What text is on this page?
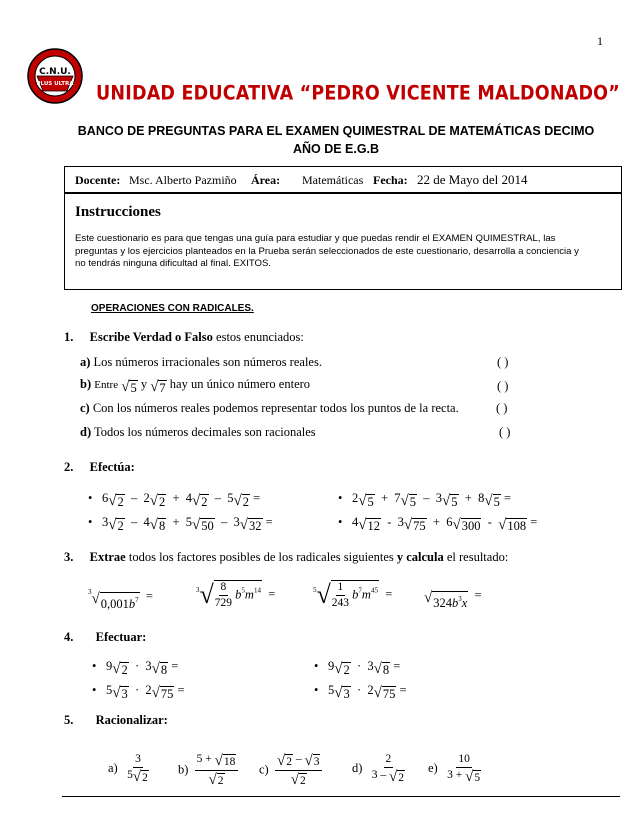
1
C.N.U.
PLUS ULTRA UNIDAD EDUCATIVA “PEDRO VICENTE MALDONADO”
BANCO DE PREGUNTAS PARA EL EXAMEN QUIMESTRAL DE MATEMÁTICAS DECIMO
AÑO DE E.G.B
Docente: Msc. Alberto Pazmiño Área: Matemáticas Fecha: 22 de Mayo del 2014
Instrucciones
Este cuestionario es para que tengas una guía para estudiar y que puedas rendir el EXAMEN QUIMESTRAL, las
preguntas y los ejercicios planteados en la Prueba serán seleccionados de este cuestionario, desarrolla a conciencia y
no tendrás ninguna dificultad al final. EXITOS.
OPERACIONES CON RADICALES.
1. Escribe Verdad o Falso estos enunciados:
a) Los números irracionales son números reales.	( )
b) Entre √ 5 y √ 7 hay un único número entero	( )
c) Con los números reales podemos representar todos los puntos de la recta.	( )
d) Todos los números decimales son racionales	( )
2. Efectúa:
• 6 √ 2 –  2 √ 2 +  4 √ 2 –  5 √ 2 =	• 2 √ 5 +  7 √ 5 –  3 √ 5 +  8 √ 5 =
• 3 √ 2 –  4 √ 8 +  5 √ 50 –  3 √ 32 =	• 4 √ 12 -  3 √ 75 +  6 √ 300 - √ 108 =
3. Extrae todos los factores posibles de los radicales siguientes y calcula el resultado:
$^3$ √ $0,001b^7$ =	$^3$ √ $\frac{8}{729} b^5m^{14}$ =	$^5$ √ $\frac{1}{243} b^7m^{45}$ = √ $324b^3x$
=
4. Efectuar:
• 9 √ 2 ·  3 √ 8 =	• 9 √ 2 ·  3 √ 8 =
• 5 √ 3 ·  2 √ 75 =	• 5 √ 3 ·  2 √ 75 =
5. Racionalizar:
$a) \frac{3}{5 √ 2} b) \frac{5 + √ 18}{√ 2} c) \frac{√ 2 - √ 3}{√ 2} d) \frac{2}{3 - √ 2} e) \frac{10}{3 + √ 5}$
